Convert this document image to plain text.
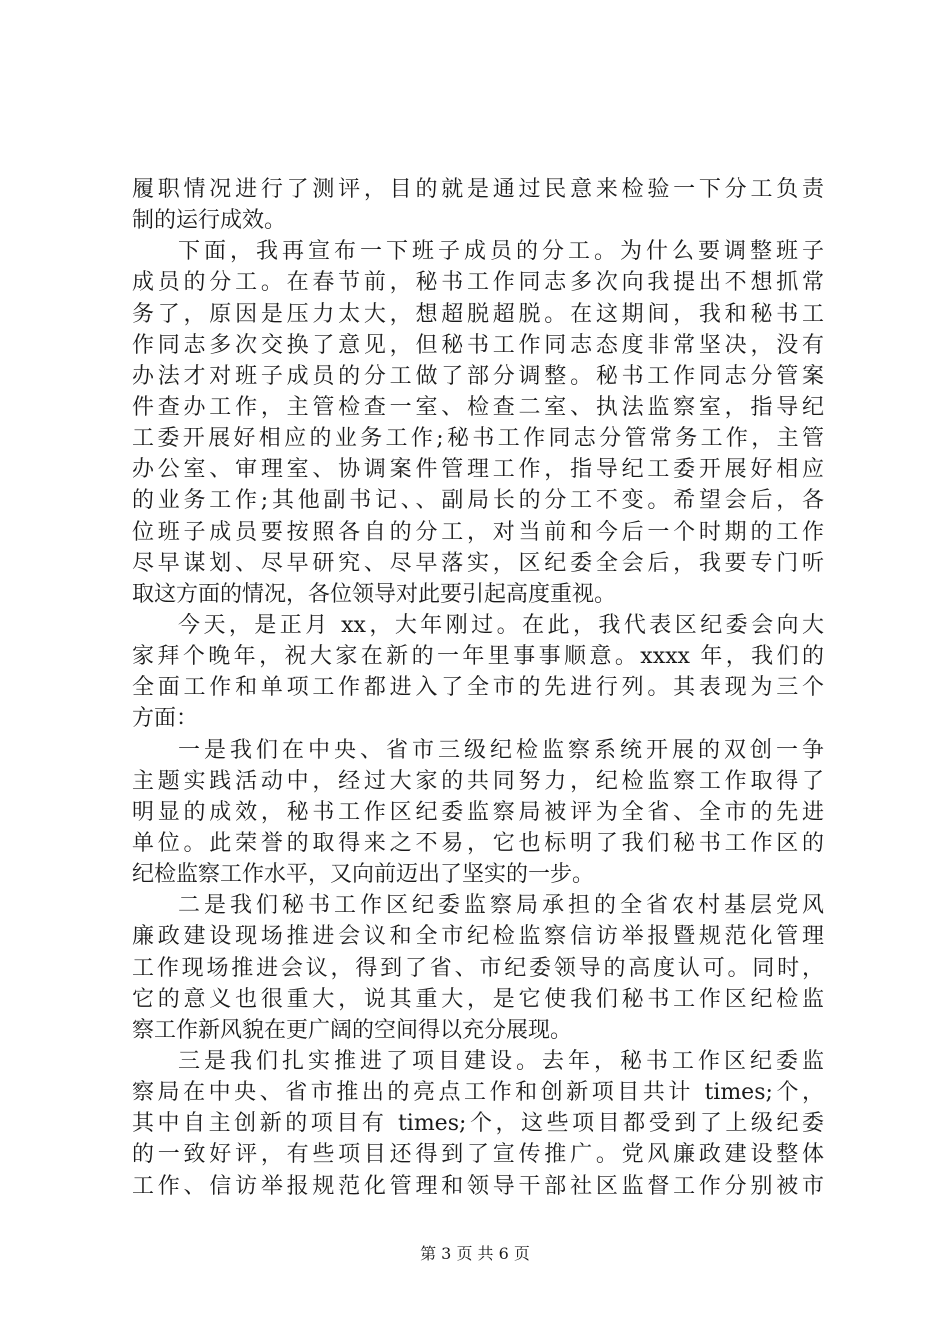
履职情况进行了测评，目的就是通过民意来检验一下分工负责
制的运行成效。
下面，我再宣布一下班子成员的分工。为什么要调整班子
成员的分工。在春节前，秘书工作同志多次向我提出不想抓常
务了，原因是压力太大，想超脱超脱。在这期间，我和秘书工
作同志多次交换了意见，但秘书工作同志态度非常坚决，没有
办法才对班子成员的分工做了部分调整。秘书工作同志分管案
件查办工作，主管检查一室、检查二室、执法监察室，指导纪
工委开展好相应的业务工作;秘书工作同志分管常务工作，主管
办公室、审理室、协调案件管理工作，指导纪工委开展好相应
的业务工作;其他副书记、、副局长的分工不变。希望会后，各
位班子成员要按照各自的分工，对当前和今后一个时期的工作
尽早谋划、尽早研究、尽早落实，区纪委全会后，我要专门听
取这方面的情况，各位领导对此要引起高度重视。
今天，是正月 xx，大年刚过。在此，我代表区纪委会向大
家拜个晚年，祝大家在新的一年里事事顺意。xxxx 年，我们的
全面工作和单项工作都进入了全市的先进行列。其表现为三个
方面：
一是我们在中央、省市三级纪检监察系统开展的双创一争
主题实践活动中，经过大家的共同努力，纪检监察工作取得了
明显的成效，秘书工作区纪委监察局被评为全省、全市的先进
单位。此荣誉的取得来之不易，它也标明了我们秘书工作区的
纪检监察工作水平，又向前迈出了坚实的一步。
二是我们秘书工作区纪委监察局承担的全省农村基层党风
廉政建设现场推进会议和全市纪检监察信访举报暨规范化管理
工作现场推进会议，得到了省、市纪委领导的高度认可。同时，
它的意义也很重大，说其重大，是它使我们秘书工作区纪检监
察工作新风貌在更广阔的空间得以充分展现。
三是我们扎实推进了项目建设。去年，秘书工作区纪委监
察局在中央、省市推出的亮点工作和创新项目共计 times;个，
其中自主创新的项目有 times;个，这些项目都受到了上级纪委
的一致好评，有些项目还得到了宣传推广。党风廉政建设整体
工作、信访举报规范化管理和领导干部社区监督工作分别被市
第 3 页 共 6 页
